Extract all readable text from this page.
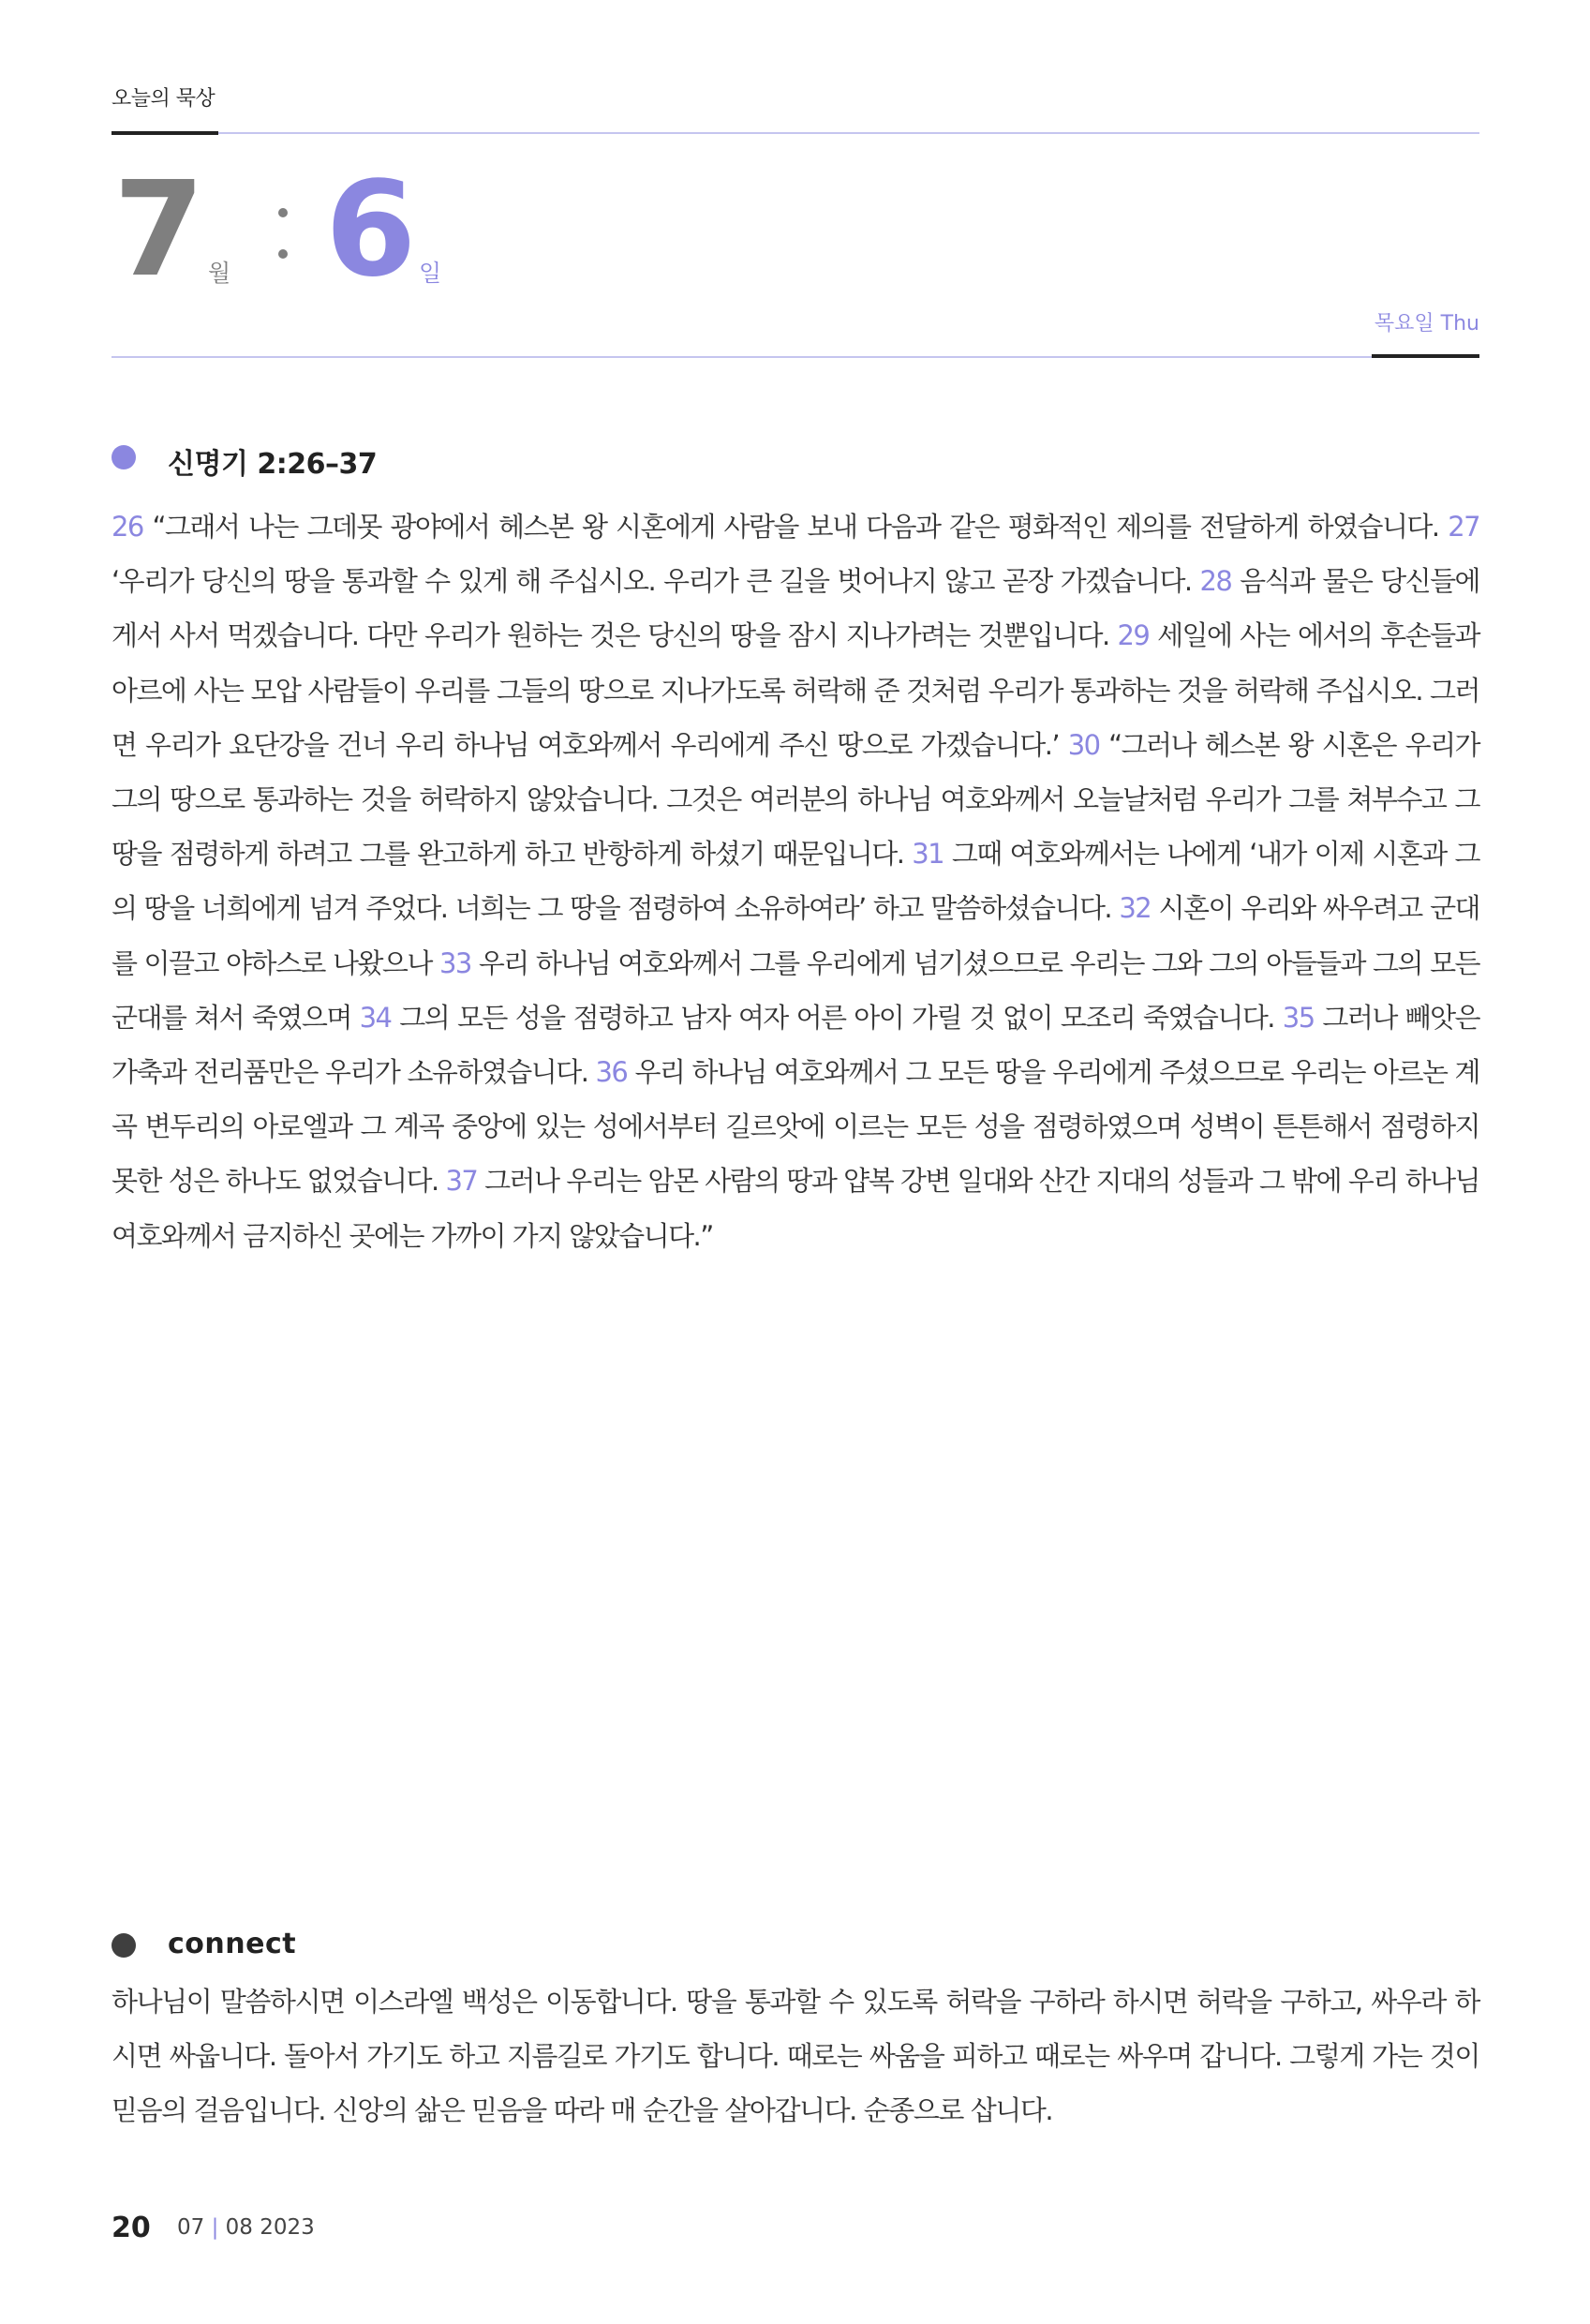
오늘의 묵상
7 월 6 일
목요일 Thu
신명기 2:26–37

26 “그래서 나는 그데못 광야에서 헤스본 왕 시혼에게 사람을 보내 다음과 같은 평화적인 제의를 전달하게 하였습니다. 27 ‘우리가 당신의 땅을 통과할 수 있게 해 주십시오. 우리가 큰 길을 벗어나지 않고 곧장 가겠습니다. 28 음식과 물은 당신들에게서 사서 먹겠습니다. 다만 우리가 원하는 것은 당신의 땅을 잠시 지나가려는 것뿐입니다. 29 세일에 사는 에서의 후손들과 아르에 사는 모압 사람들이 우리를 그들의 땅으로 지나가도록 허락해 준 것처럼 우리가 통과하는 것을 허락해 주십시오. 그러면 우리가 요단강을 건너 우리 하나님 여호와께서 우리에게 주신 땅으로 가겠습니다.’ 30 “그러나 헤스본 왕 시혼은 우리가 그의 땅으로 통과하는 것을 허락하지 않았습니다. 그것은 여러분의 하나님 여호와께서 오늘날처럼 우리가 그를 쳐부수고 그 땅을 점령하게 하려고 그를 완고하게 하고 반항하게 하셨기 때문입니다. 31 그때 여호와께서는 나에게 ‘내가 이제 시혼과 그의 땅을 너희에게 넘겨 주었다. 너희는 그 땅을 점령하여 소유하여라’ 하고 말씀하셨습니다. 32 시혼이 우리와 싸우려고 군대를 이끌고 야하스로 나왔으나 33 우리 하나님 여호와께서 그를 우리에게 넘기셨으므로 우리는 그와 그의 아들들과 그의 모든 군대를 쳐서 죽였으며 34 그의 모든 성을 점령하고 남자 여자 어른 아이 가릴 것 없이 모조리 죽였습니다. 35 그러나 빼앗은 가축과 전리품만은 우리가 소유하였습니다. 36 우리 하나님 여호와께서 그 모든 땅을 우리에게 주셨으므로 우리는 아르논 계곡 변두리의 아로엘과 그 계곡 중앙에 있는 성에서부터 길르앗에 이르는 모든 성을 점령하였으며 성벽이 튼튼해서 점령하지 못한 성은 하나도 없었습니다. 37 그러나 우리는 암몬 사람의 땅과 얍복 강변 일대와 산간 지대의 성들과 그 밖에 우리 하나님 여호와께서 금지하신 곳에는 가까이 가지 않았습니다.”

connect

하나님이 말씀하시면 이스라엘 백성은 이동합니다. 땅을 통과할 수 있도록 허락을 구하라 하시면 허락을 구하고, 싸우라 하시면 싸웁니다. 돌아서 가기도 하고 지름길로 가기도 합니다. 때로는 싸움을 피하고 때로는 싸우며 갑니다. 그렇게 가는 것이 믿음의 걸음입니다. 신앙의 삶은 믿음을 따라 매 순간을 살아갑니다. 순종으로 삽니다.

20 07 | 08 2023
